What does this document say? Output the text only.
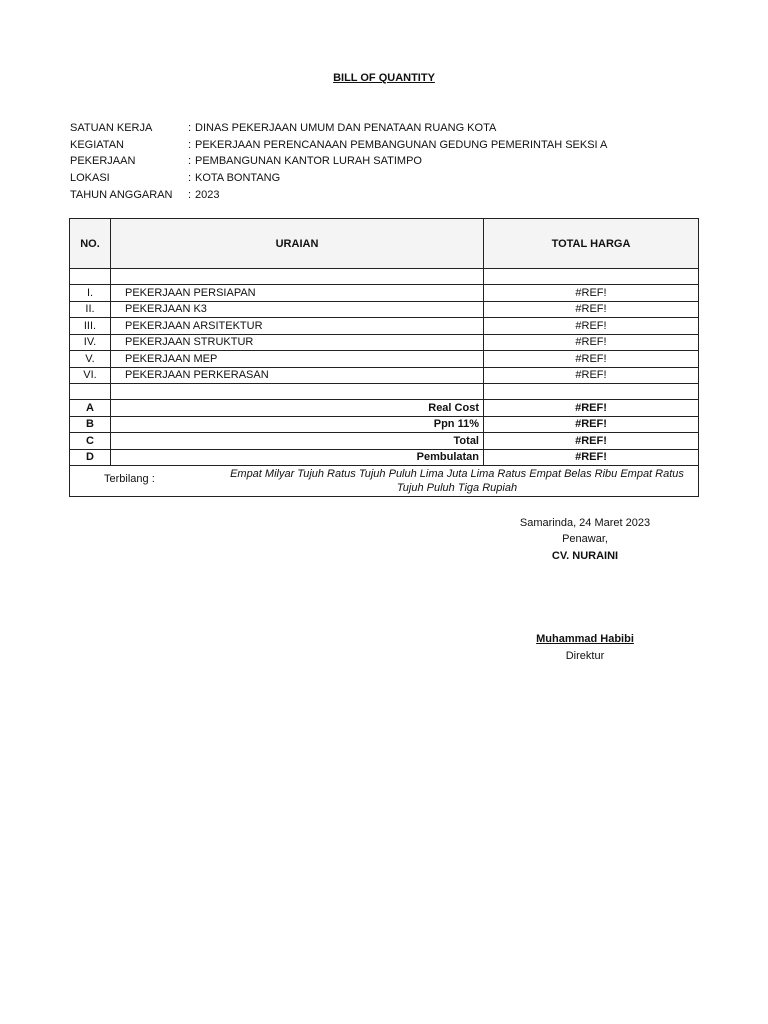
BILL OF QUANTITY
SATUAN KERJA	: DINAS PEKERJAAN UMUM DAN PENATAAN RUANG KOTA
KEGIATAN	: PEKERJAAN PERENCANAAN PEMBANGUNAN GEDUNG PEMERINTAH SEKSI A
PEKERJAAN	: PEMBANGUNAN KANTOR LURAH SATIMPO
LOKASI	: KOTA BONTANG
TAHUN ANGGARAN	: 2023
NO.	URAIAN	TOTAL HARGA

I.	PEKERJAAN PERSIAPAN	#REF!
II.	PEKERJAAN K3	#REF!
III.	PEKERJAAN ARSITEKTUR	#REF!
IV.	PEKERJAAN STRUKTUR	#REF!
V.	PEKERJAAN MEP	#REF!
VI.	PEKERJAAN PERKERASAN	#REF!

A	Real Cost	#REF!
B	Ppn 11%	#REF!
C	Total	#REF!
D	Pembulatan	#REF!

Terbilang : Empat Milyar Tujuh Ratus Tujuh Puluh Lima Juta Lima Ratus Empat Belas Ribu Empat Ratus Tujuh Puluh Tiga Rupiah		
Samarinda, 24 Maret 2023
Penawar,
CV. NURAINI
Muhammad Habibi
Direktur
